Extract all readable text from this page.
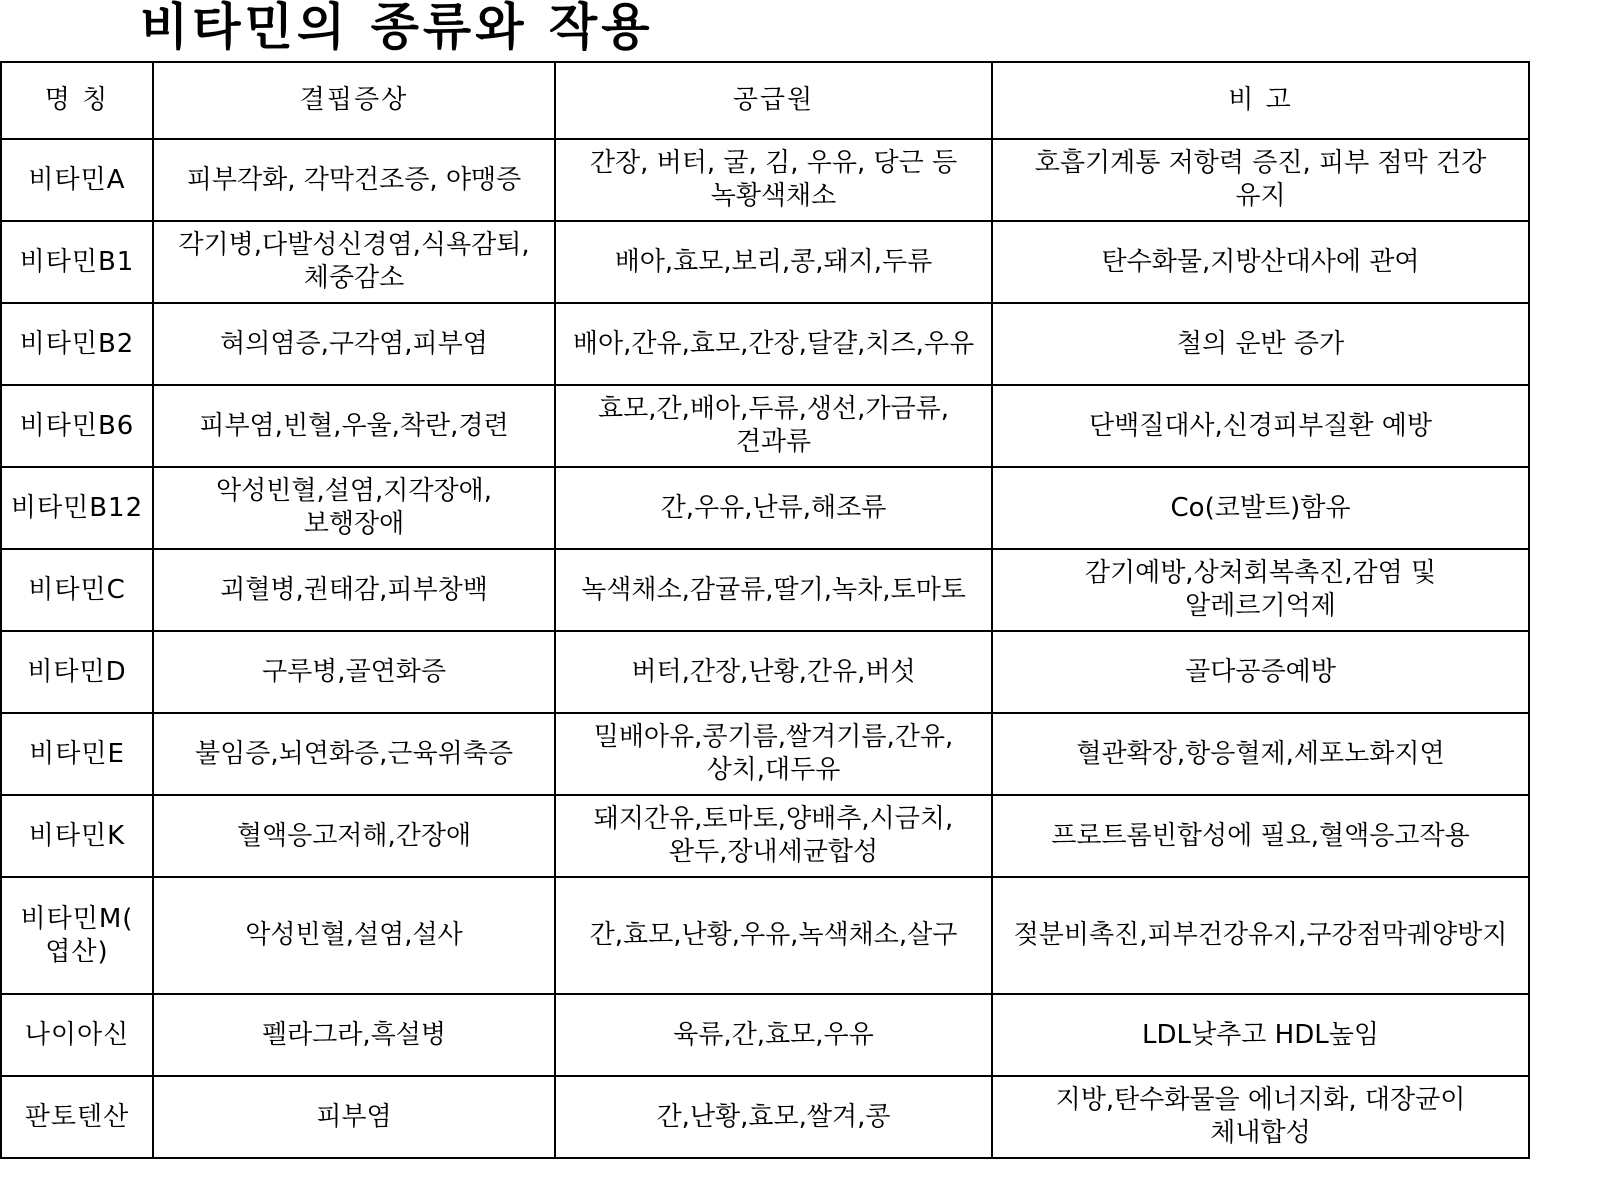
비타민의 종류와 작용
명 칭	결핍증상	공급원	비 고
비타민A	피부각화, 각막건조증, 야맹증	간장, 버터, 굴, 김, 우유, 당근 등 녹황색채소	호흡기계통 저항력 증진, 피부 점막 건강 유지
비타민B1	각기병,다발성신경염,식욕감퇴,체중감소	배아,효모,보리,콩,돼지,두류	탄수화물,지방산대사에 관여
비타민B2	혀의염증,구각염,피부염	배아,간유,효모,간장,달걀,치즈,우유	철의 운반 증가
비타민B6	피부염,빈혈,우울,착란,경련	효모,간,배아,두류,생선,가금류,견과류	단백질대사,신경피부질환 예방
비타민B12	악성빈혈,설염,지각장애,보행장애	간,우유,난류,해조류	Co(코발트)함유
비타민C	괴혈병,권태감,피부창백	녹색채소,감귤류,딸기,녹차,토마토	감기예방,상처회복촉진,감염 및 알레르기억제
비타민D	구루병,골연화증	버터,간장,난황,간유,버섯	골다공증예방
비타민E	불임증,뇌연화증,근육위축증	밀배아유,콩기름,쌀겨기름,간유,상치,대두유	혈관확장,항응혈제,세포노화지연
비타민K	혈액응고저해,간장애	돼지간유,토마토,양배추,시금치,완두,장내세균합성	프로트롬빈합성에 필요,혈액응고작용
비타민M(엽산)	악성빈혈,설염,설사	간,효모,난황,우유,녹색채소,살구	젖분비촉진,피부건강유지,구강점막궤양방지
나이아신	펠라그라,흑설병	육류,간,효모,우유	LDL낮추고 HDL높임
판토텐산	피부염	간,난황,효모,쌀겨,콩	지방,탄수화물을 에너지화, 대장균이 체내합성
